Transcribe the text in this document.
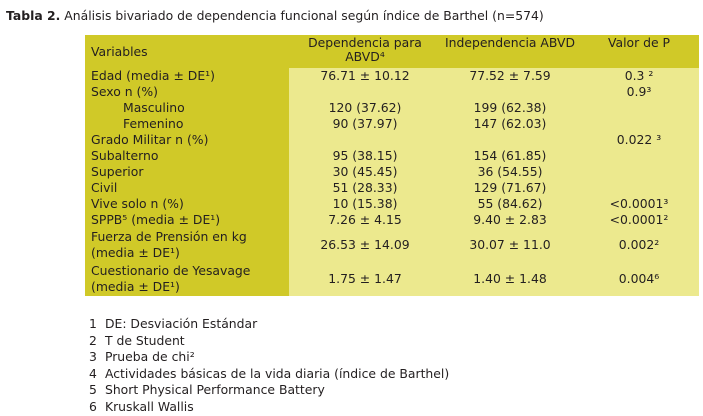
Tabla 2. Análisis bivariado de dependencia funcional según índice de Barthel (n=574)
Variables	Dependencia para ABVD⁴	Independencia ABVD	Valor de P
Edad (media ± DE¹)	76.71 ± 10.12	77.52 ± 7.59	0.3 ²
Sexo n (%)			0.9³
Masculino	120 (37.62)	199 (62.38)	
Femenino	90 (37.97)	147 (62.03)	
Grado Militar n (%)			0.022 ³
Subalterno	95 (38.15)	154 (61.85)	
Superior	30 (45.45)	36 (54.55)	
Civil	51 (28.33)	129 (71.67)	
Vive solo n (%)	10 (15.38)	55 (84.62)	<0.0001³
SPPB⁵ (media ± DE¹)	7.26 ± 4.15	9.40 ± 2.83	<0.0001²
Fuerza de Prensión en kg (media ± DE¹)	26.53 ± 14.09	30.07 ± 11.0	0.002²
Cuestionario de Yesavage (media ± DE¹)	1.75 ± 1.47	1.40 ± 1.48	0.004⁶
1 DE: Desviación Estándar
2 T de Student
3 Prueba de chi²
4 Actividades básicas de la vida diaria (índice de Barthel)
5 Short Physical Performance Battery
6 Kruskall Wallis
